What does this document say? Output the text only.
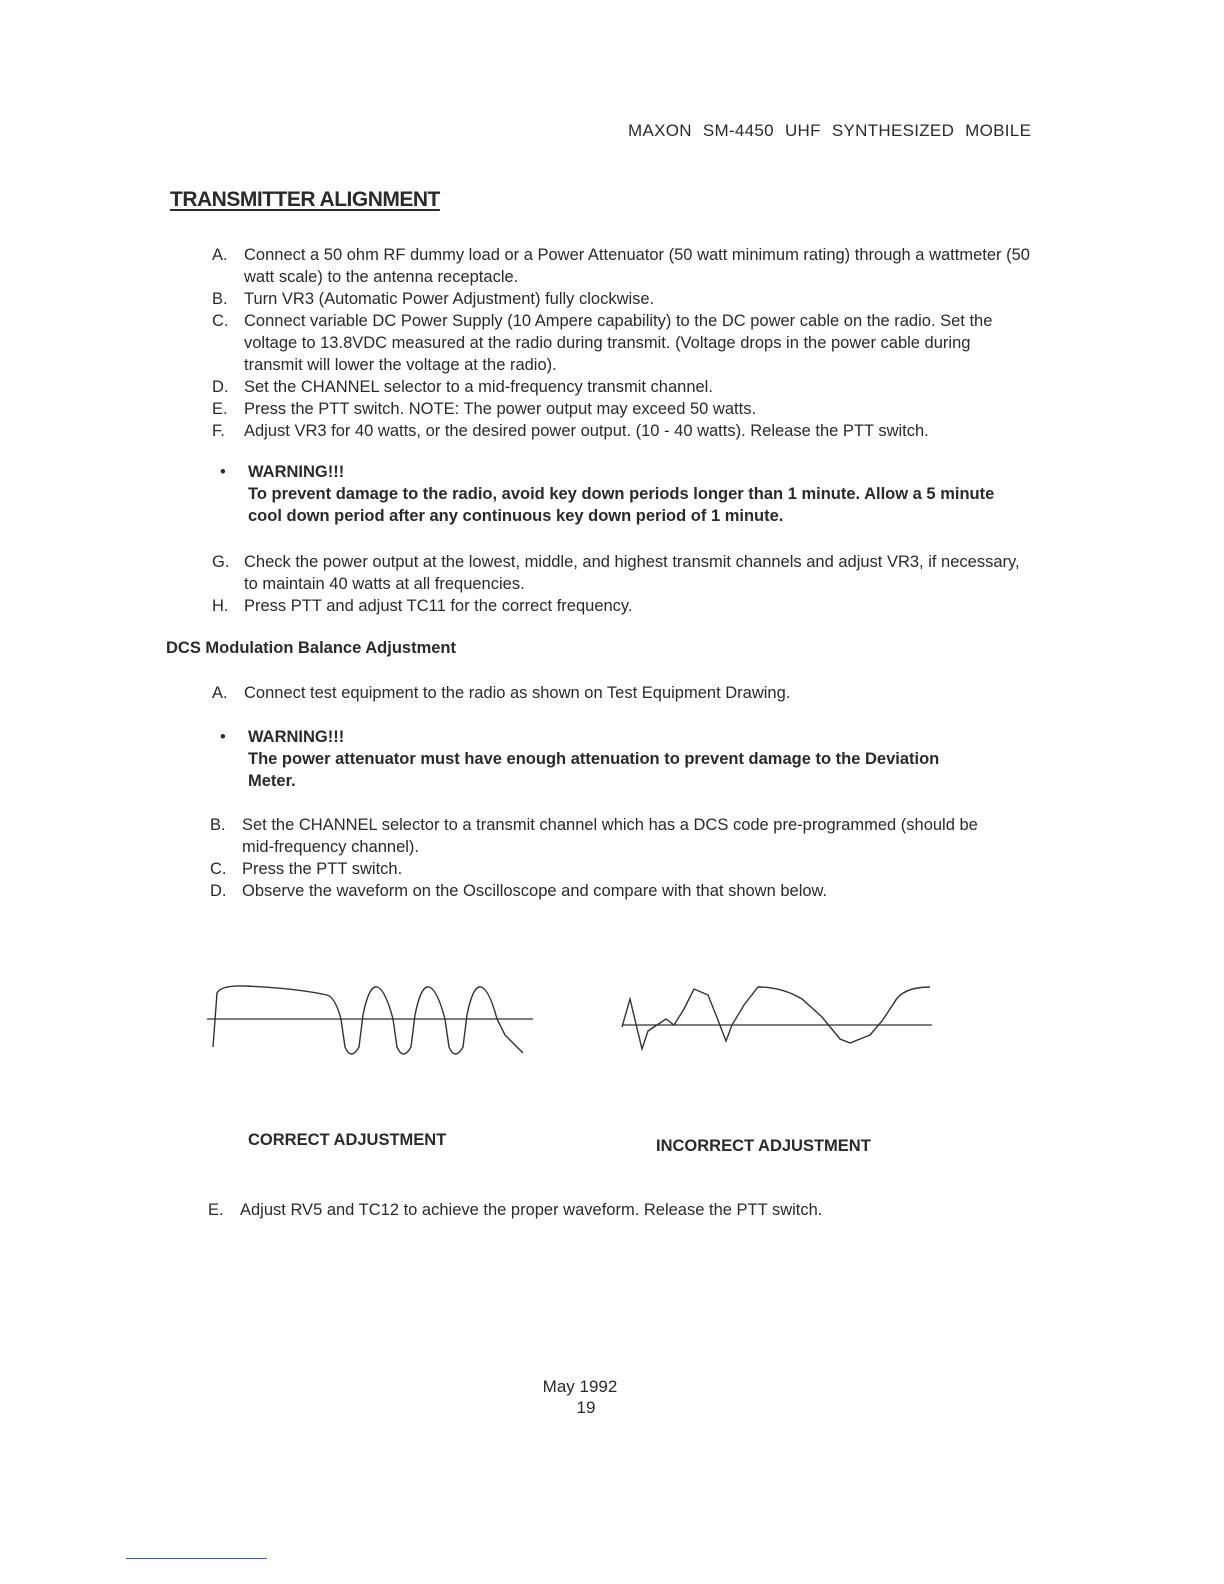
MAXON SM-4450 UHF SYNTHESIZED MOBILE
TRANSMITTER ALIGNMENT
A. Connect a 50 ohm RF dummy load or a Power Attenuator (50 watt minimum rating) through a wattmeter (50 watt scale) to the antenna receptacle.
B. Turn VR3 (Automatic Power Adjustment) fully clockwise.
C. Connect variable DC Power Supply (10 Ampere capability) to the DC power cable on the radio. Set the voltage to 13.8VDC measured at the radio during transmit. (Voltage drops in the power cable during transmit will lower the voltage at the radio).
D. Set the CHANNEL selector to a mid-frequency transmit channel.
E. Press the PTT switch. NOTE: The power output may exceed 50 watts.
F.	Adjust VR3 for 40 watts, or the desired power output. (10 - 40 watts). Release the PTT switch.
•	WARNING!!!
To prevent damage to the radio, avoid key down periods longer than 1 minute. Allow a 5 minute cool down period after any continuous key down period of 1 minute.
G. Check the power output at the lowest, middle, and highest transmit channels and adjust VR3, if necessary, to maintain 40 watts at all frequencies.
H. Press PTT and adjust TC11 for the correct frequency.
DCS Modulation Balance Adjustment
A. Connect test equipment to the radio as shown on Test Equipment Drawing.
•	WARNING!!!
The power attenuator must have enough attenuation to prevent damage to the Deviation Meter.
B. Set the CHANNEL selector to a transmit channel which has a DCS code pre-programmed (should be mid-frequency channel).
C. Press the PTT switch.
D. Observe the waveform on the Oscilloscope and compare with that shown below.
CORRECT ADJUSTMENT	INCORRECT ADJUSTMENT
E. Adjust RV5 and TC12 to achieve the proper waveform. Release the PTT switch.
May 1992
19
